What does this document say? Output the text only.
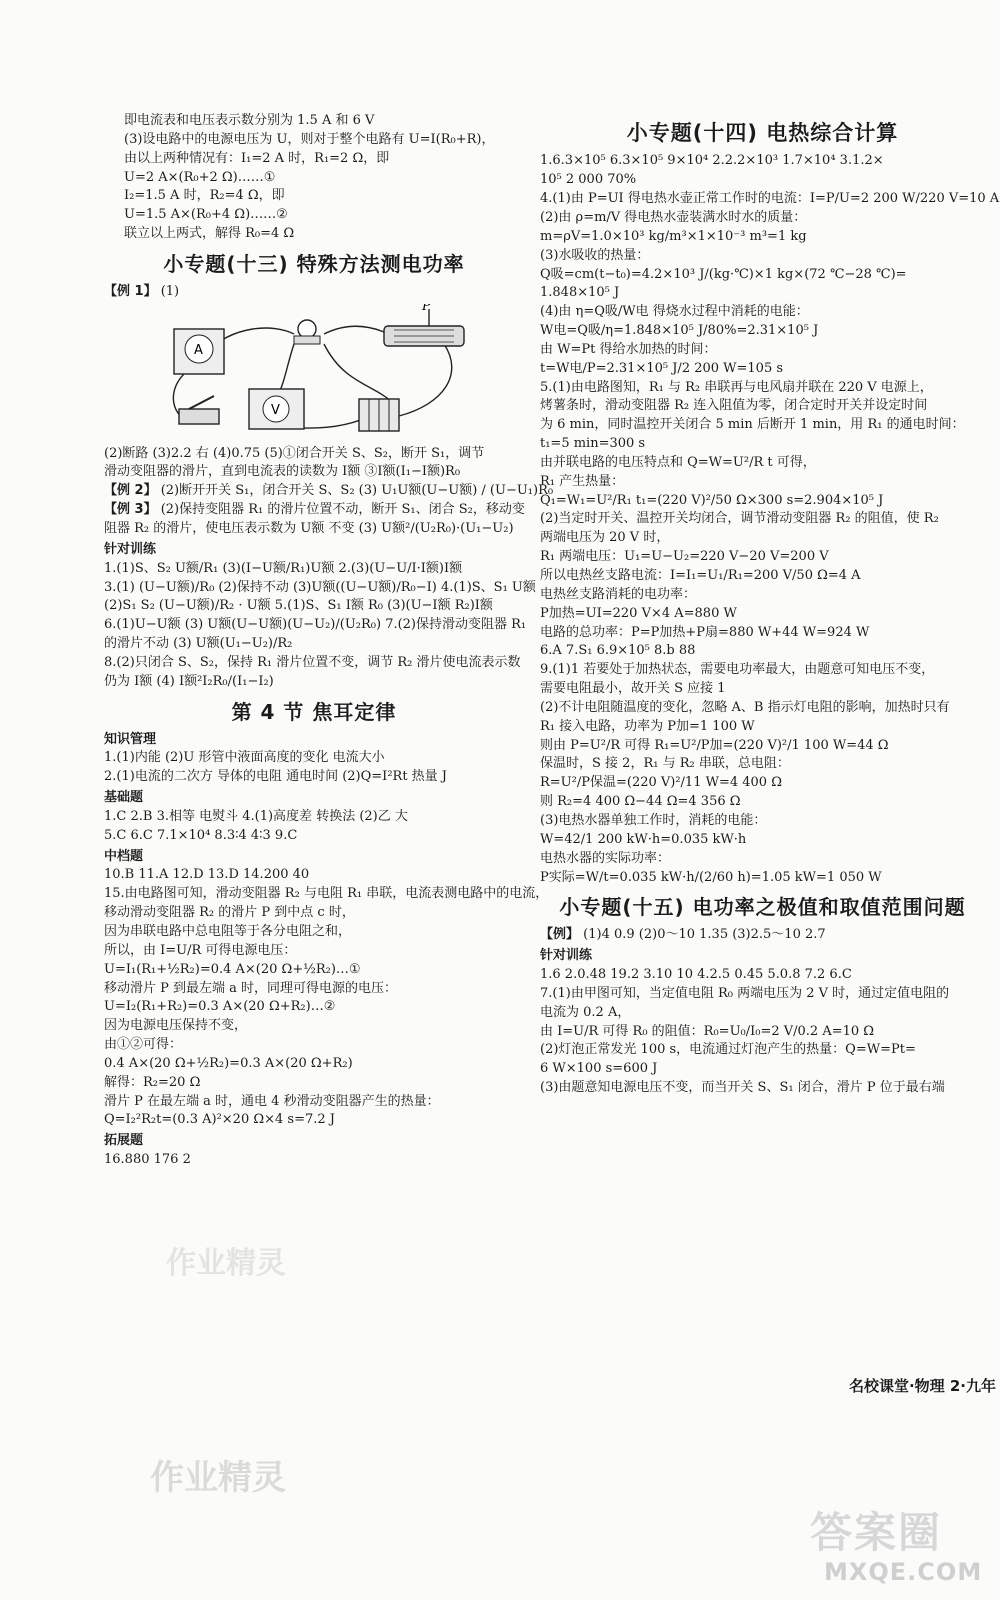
即电流表和电压表示数分别为 1.5 A 和 6 V
(3)设电路中的电源电压为 U，则对于整个电路有 U=I(R₀+R)，
由以上两种情况有：I₁=2 A 时，R₁=2 Ω，即
U=2 A×(R₀+2 Ω)……①
I₂=1.5 A 时，R₂=4 Ω，即
U=1.5 A×(R₀+4 Ω)……②
联立以上两式，解得 R₀=4 Ω
小专题(十三) 特殊方法测电功率
【例 1】 (1)
A
P
V
(2)断路 (3)2.2 右 (4)0.75 (5)①闭合开关 S、S₂，断开 S₁，调节
滑动变阻器的滑片，直到电流表的读数为 I额 ③I额(I₁−I额)R₀
【例 2】 (2)断开开关 S₁，闭合开关 S、S₂ (3) U₁U额(U−U额) / (U−U₁)R₀
【例 3】 (2)保持变阻器 R₁ 的滑片位置不动，断开 S₁、闭合 S₂，移动变
阻器 R₂ 的滑片，使电压表示数为 U额 不变 (3) U额²/(U₂R₀)·(U₁−U₂)
针对训练
1.(1)S、S₂ U额/R₁ (3)(I−U额/R₁)U额 2.(3)(U−U/I·I额)I额
3.(1) (U−U额)/R₀ (2)保持不动 (3)U额((U−U额)/R₀−I) 4.(1)S、S₁ U额
(2)S₁ S₂ (U−U额)/R₂ · U额 5.(1)S、S₁ I额 R₀ (3)(U−I额 R₂)I额
6.(1)U−U额 (3) U额(U−U额)(U−U₂)/(U₂R₀) 7.(2)保持滑动变阻器 R₁
的滑片不动 (3) U额(U₁−U₂)/R₂
8.(2)只闭合 S、S₂，保持 R₁ 滑片位置不变，调节 R₂ 滑片使电流表示数
仍为 I额 (4) I额²I₂R₀/(I₁−I₂)
第 4 节 焦耳定律
知识管理
1.(1)内能 (2)U 形管中液面高度的变化 电流大小
2.(1)电流的二次方 导体的电阻 通电时间 (2)Q=I²Rt 热量 J
基础题
1.C 2.B 3.相等 电熨斗 4.(1)高度差 转换法 (2)乙 大
5.C 6.C 7.1×10⁴ 8.3∶4 4∶3 9.C
中档题
10.B 11.A 12.D 13.D 14.200 40
15.由电路图可知，滑动变阻器 R₂ 与电阻 R₁ 串联，电流表测电路中的电流，
移动滑动变阻器 R₂ 的滑片 P 到中点 c 时，
因为串联电路中总电阻等于各分电阻之和，
所以，由 I=U/R 可得电源电压：
U=I₁(R₁+½R₂)=0.4 A×(20 Ω+½R₂)…①
移动滑片 P 到最左端 a 时，同理可得电源的电压：
U=I₂(R₁+R₂)=0.3 A×(20 Ω+R₂)…②
因为电源电压保持不变，
由①②可得：
0.4 A×(20 Ω+½R₂)=0.3 A×(20 Ω+R₂)
解得：R₂=20 Ω
滑片 P 在最左端 a 时，通电 4 秒滑动变阻器产生的热量：
Q=I₂²R₂t=(0.3 A)²×20 Ω×4 s=7.2 J
拓展题
16.880 176 2
小专题(十四) 电热综合计算
1.6.3×10⁵ 6.3×10⁵ 9×10⁴ 2.2.2×10³ 1.7×10⁴ 3.1.2×
10⁵ 2 000 70%
4.(1)由 P=UI 得电热水壶正常工作时的电流：I=P/U=2 200 W/220 V=10 A
(2)由 ρ=m/V 得电热水壶装满水时水的质量：
m=ρV=1.0×10³ kg/m³×1×10⁻³ m³=1 kg
(3)水吸收的热量：
Q吸=cm(t−t₀)=4.2×10³ J/(kg·℃)×1 kg×(72 ℃−28 ℃)=
1.848×10⁵ J
(4)由 η=Q吸/W电 得烧水过程中消耗的电能：
W电=Q吸/η=1.848×10⁵ J/80%=2.31×10⁵ J
由 W=Pt 得给水加热的时间：
t=W电/P=2.31×10⁵ J/2 200 W=105 s
5.(1)由电路图知，R₁ 与 R₂ 串联再与电风扇并联在 220 V 电源上，
烤薯条时，滑动变阻器 R₂ 连入阻值为零，闭合定时开关并设定时间
为 6 min，同时温控开关闭合 5 min 后断开 1 min，用 R₁ 的通电时间：
t₁=5 min=300 s
由并联电路的电压特点和 Q=W=U²/R t 可得，
R₁ 产生热量：
Q₁=W₁=U²/R₁ t₁=(220 V)²/50 Ω×300 s=2.904×10⁵ J
(2)当定时开关、温控开关均闭合，调节滑动变阻器 R₂ 的阻值，使 R₂
两端电压为 20 V 时，
R₁ 两端电压：U₁=U−U₂=220 V−20 V=200 V
所以电热丝支路电流：I=I₁=U₁/R₁=200 V/50 Ω=4 A
电热丝支路消耗的电功率：
P加热=UI=220 V×4 A=880 W
电路的总功率：P=P加热+P扇=880 W+44 W=924 W
6.A 7.S₁ 6.9×10⁵ 8.b 88
9.(1)1 若要处于加热状态，需要电功率最大，由题意可知电压不变，
需要电阻最小，故开关 S 应接 1
(2)不计电阻随温度的变化，忽略 A、B 指示灯电阻的影响，加热时只有
R₁ 接入电路，功率为 P加=1 100 W
则由 P=U²/R 可得 R₁=U²/P加=(220 V)²/1 100 W=44 Ω
保温时，S 接 2，R₁ 与 R₂ 串联，总电阻：
R=U²/P保温=(220 V)²/11 W=4 400 Ω
则 R₂=4 400 Ω−44 Ω=4 356 Ω
(3)电热水器单独工作时，消耗的电能：
W=42/1 200 kW·h=0.035 kW·h
电热水器的实际功率：
P实际=W/t=0.035 kW·h/(2/60 h)=1.05 kW=1 050 W
小专题(十五) 电功率之极值和取值范围问题
【例】 (1)4 0.9 (2)0～10 1.35 (3)2.5～10 2.7
针对训练
1.6 2.0.48 19.2 3.10 10 4.2.5 0.45 5.0.8 7.2 6.C
7.(1)由甲图可知，当定值电阻 R₀ 两端电压为 2 V 时，通过定值电阻的
电流为 0.2 A，
由 I=U/R 可得 R₀ 的阻值：R₀=U₀/I₀=2 V/0.2 A=10 Ω
(2)灯泡正常发光 100 s，电流通过灯泡产生的热量：Q=W=Pt=
6 W×100 s=600 J
(3)由题意知电源电压不变，而当开关 S、S₁ 闭合，滑片 P 位于最右端
名校课堂·物理 2·九年
作业精灵
作业精灵
答案圈
MXQE.COM
